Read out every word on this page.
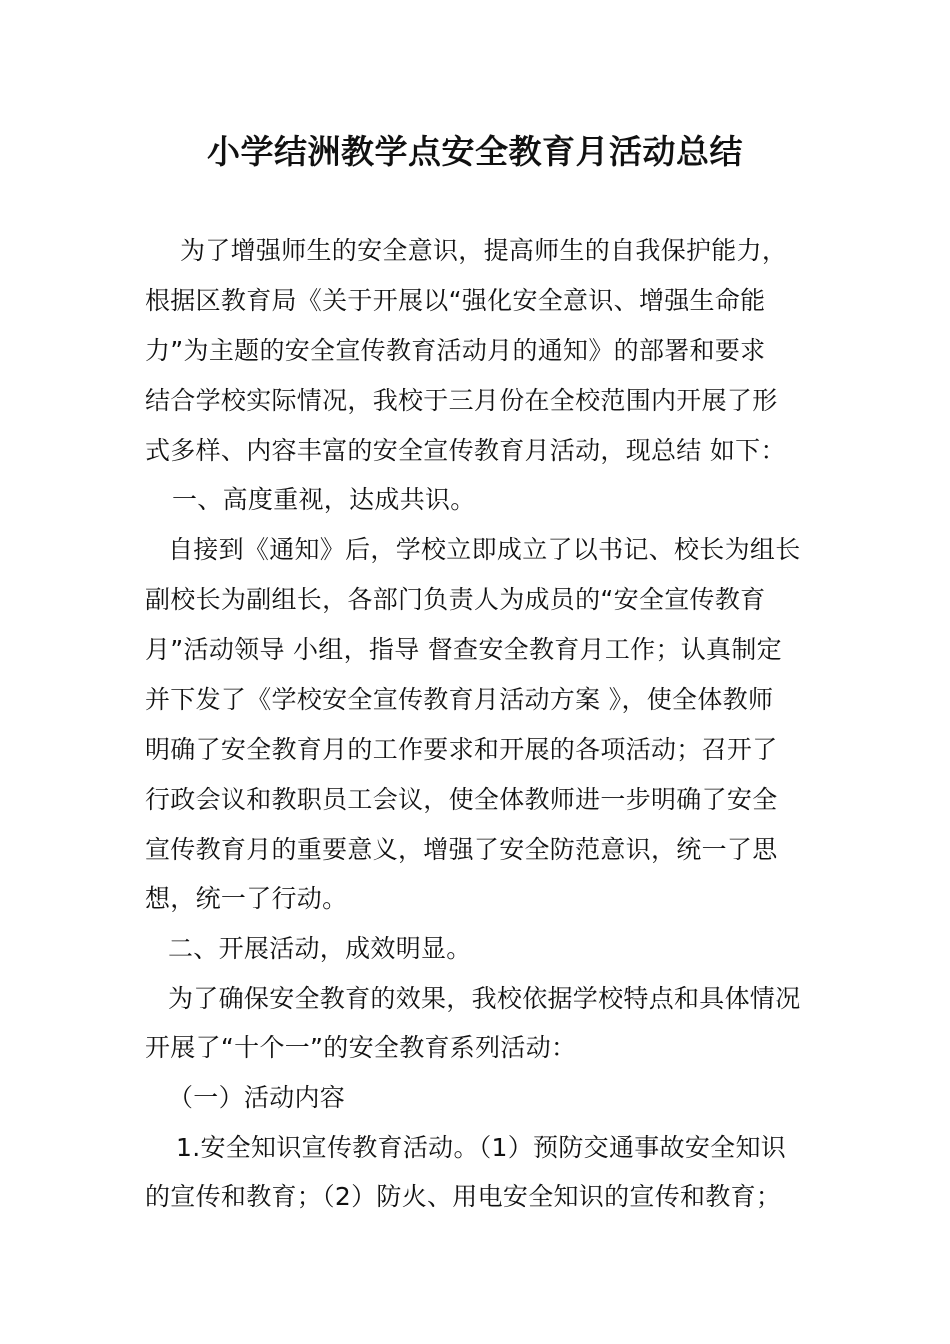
小学结洲教学点安全教育月活动总结
为了增强师生的安全意识，提高师生的自我保护能力，
根据区教育局《关于开展以“强化安全意识、增强生命能
力”为主题的安全宣传教育活动月的通知》的部署和要求
结合学校实际情况，我校于三月份在全校范围内开展了形
式多样、内容丰富的安全宣传教育月活动，现总结 如下：
一、高度重视，达成共识。
自接到《通知》后，学校立即成立了以书记、校长为组长
副校长为副组长，各部门负责人为成员的“安全宣传教育
月”活动领导 小组，指导 督查安全教育月工作；认真制定
并下发了《学校安全宣传教育月活动方案 》，使全体教师
明确了安全教育月的工作要求和开展的各项活动；召开了
行政会议和教职员工会议，使全体教师进一步明确了安全
宣传教育月的重要意义，增强了安全防范意识，统一了思
想，统一了行动。
二、开展活动，成效明显。
为了确保安全教育的效果，我校依据学校特点和具体情况
开展了“十个一”的安全教育系列活动：
（一）活动内容
1.安全知识宣传教育活动。（1）预防交通事故安全知识
的宣传和教育；（2）防火、用电安全知识的宣传和教育；
